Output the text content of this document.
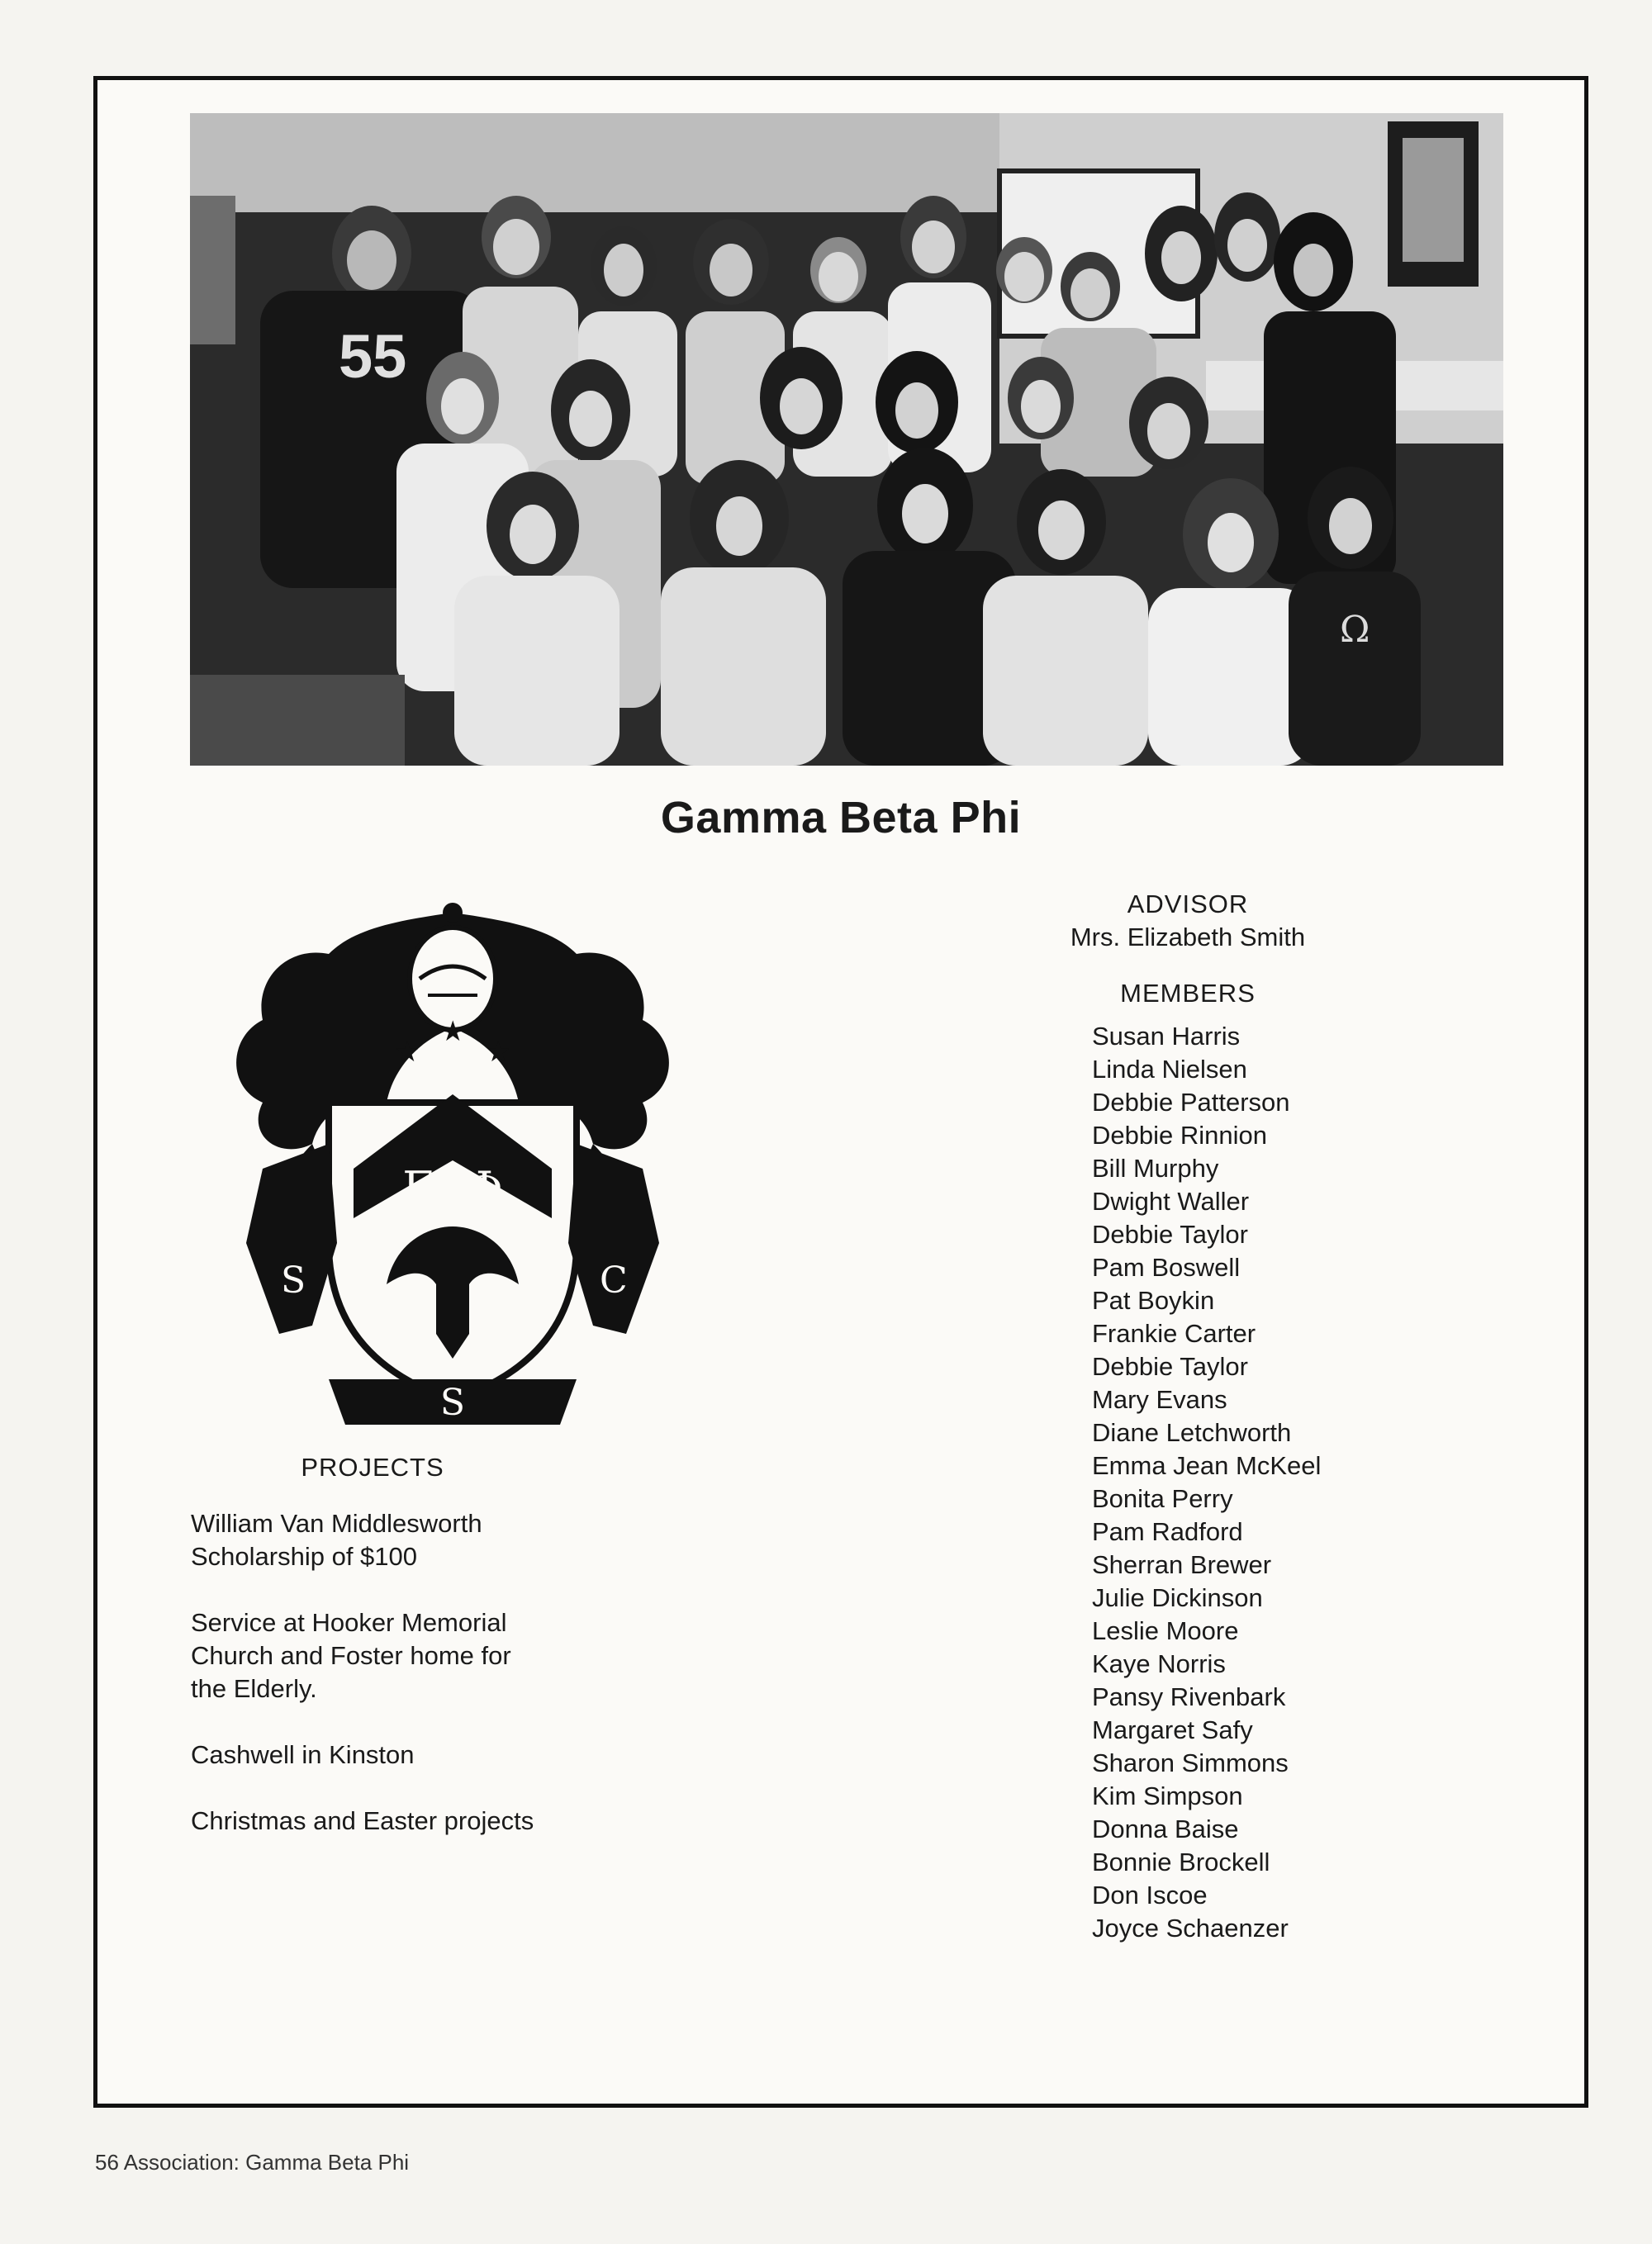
55
Ω
Gamma Beta Phi
★
★
★
ΓΒΦ
S	C
S
PROJECTS
William Van Middlesworth
Scholarship of $100
Service at Hooker Memorial
Church and Foster home for
the Elderly.
Cashwell in Kinston
Christmas and Easter projects
ADVISOR
Mrs. Elizabeth Smith
MEMBERS
Susan Harris
Linda Nielsen
Debbie Patterson
Debbie Rinnion
Bill Murphy
Dwight Waller
Debbie Taylor
Pam Boswell
Pat Boykin
Frankie Carter
Debbie Taylor
Mary Evans
Diane Letchworth
Emma Jean McKeel
Bonita Perry
Pam Radford
Sherran Brewer
Julie Dickinson
Leslie Moore
Kaye Norris
Pansy Rivenbark
Margaret Safy
Sharon Simmons
Kim Simpson
Donna Baise
Bonnie Brockell
Don Iscoe
Joyce Schaenzer
56 Association: Gamma Beta Phi
